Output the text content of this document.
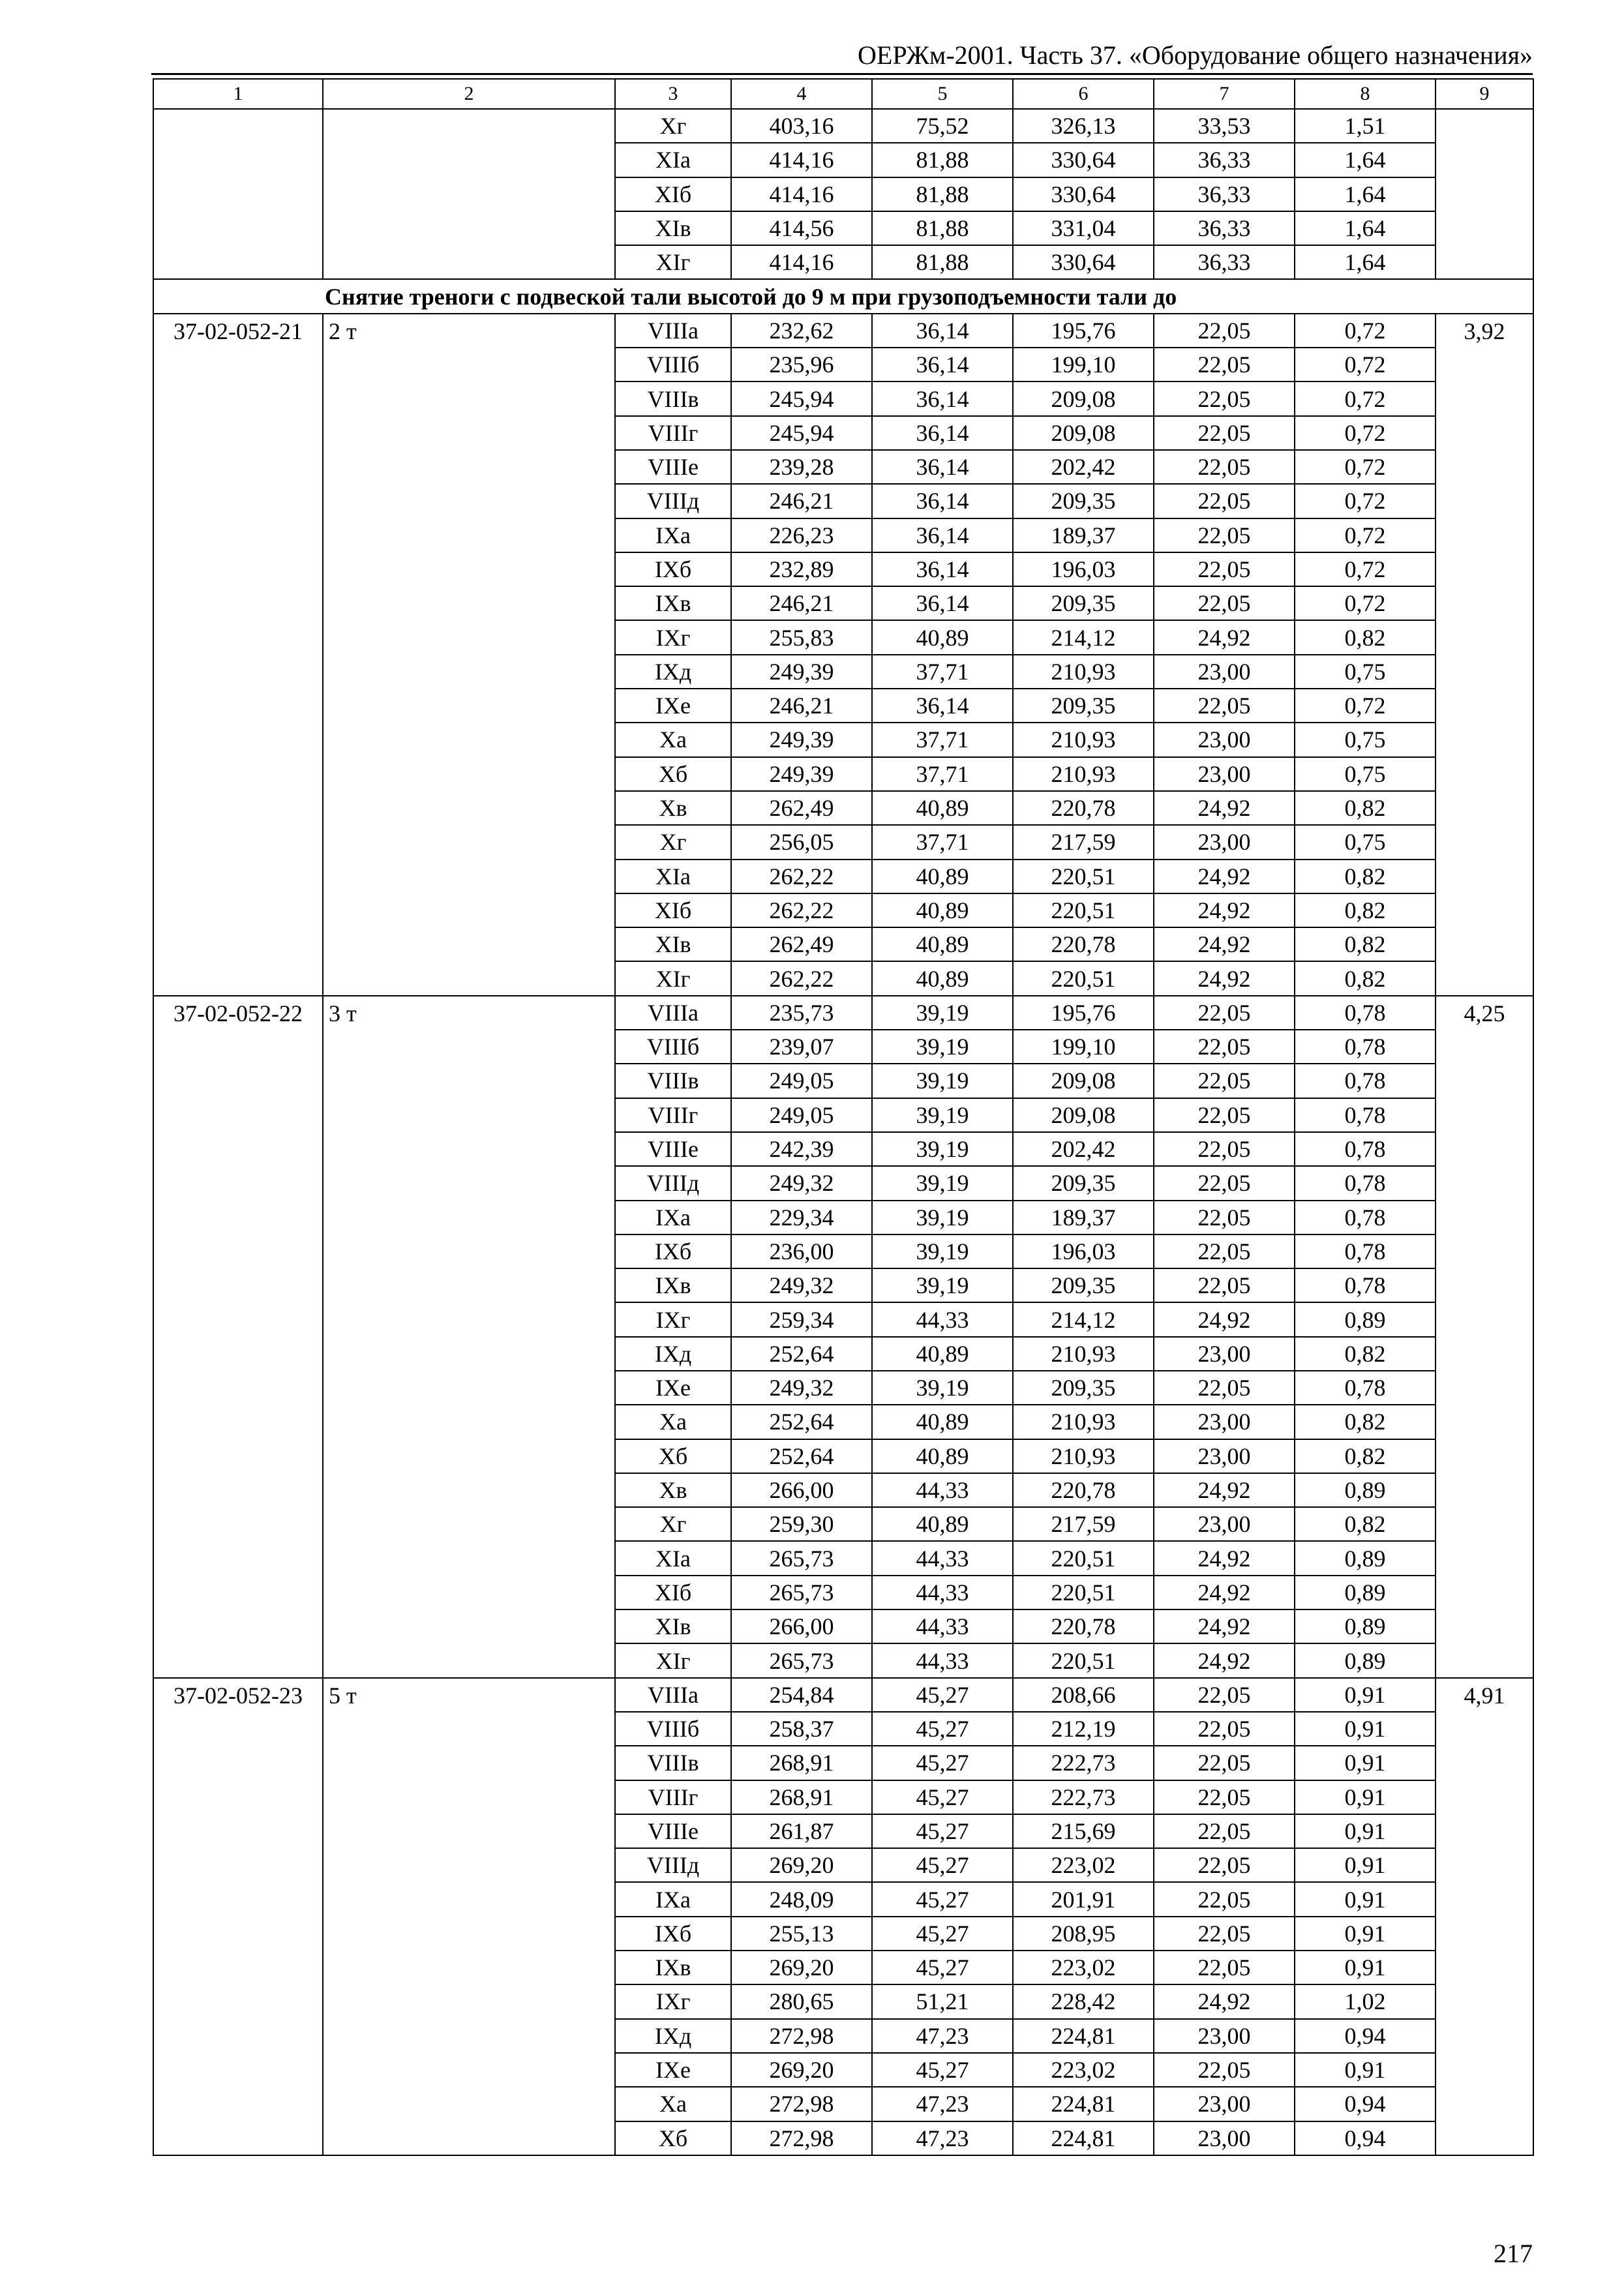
ОЕРЖм-2001. Часть 37. «Оборудование общего назначения»
1	2	3	4	5	6	7	8	9
		Xг	403,16	75,52	326,13	33,53	1,51	
		XIа	414,16	81,88	330,64	36,33	1,64	
		XIб	414,16	81,88	330,64	36,33	1,64	
		XIв	414,56	81,88	331,04	36,33	1,64	
		XIг	414,16	81,88	330,64	36,33	1,64	
Снятие треноги с подвеской тали высотой до 9 м при грузоподъемности тали до								
37-02-052-21	2 т	VIIIа	232,62	36,14	195,76	22,05	0,72	3,92
		VIIIб	235,96	36,14	199,10	22,05	0,72	
		VIIIв	245,94	36,14	209,08	22,05	0,72	
		VIIIг	245,94	36,14	209,08	22,05	0,72	
		VIIIе	239,28	36,14	202,42	22,05	0,72	
		VIIIд	246,21	36,14	209,35	22,05	0,72	
		IXа	226,23	36,14	189,37	22,05	0,72	
		IXб	232,89	36,14	196,03	22,05	0,72	
		IXв	246,21	36,14	209,35	22,05	0,72	
		IXг	255,83	40,89	214,12	24,92	0,82	
		IXд	249,39	37,71	210,93	23,00	0,75	
		IXе	246,21	36,14	209,35	22,05	0,72	
		Xа	249,39	37,71	210,93	23,00	0,75	
		Xб	249,39	37,71	210,93	23,00	0,75	
		Xв	262,49	40,89	220,78	24,92	0,82	
		Xг	256,05	37,71	217,59	23,00	0,75	
		XIа	262,22	40,89	220,51	24,92	0,82	
		XIб	262,22	40,89	220,51	24,92	0,82	
		XIв	262,49	40,89	220,78	24,92	0,82	
		XIг	262,22	40,89	220,51	24,92	0,82	
37-02-052-22	3 т	VIIIа	235,73	39,19	195,76	22,05	0,78	4,25
		VIIIб	239,07	39,19	199,10	22,05	0,78	
		VIIIв	249,05	39,19	209,08	22,05	0,78	
		VIIIг	249,05	39,19	209,08	22,05	0,78	
		VIIIе	242,39	39,19	202,42	22,05	0,78	
		VIIIд	249,32	39,19	209,35	22,05	0,78	
		IXа	229,34	39,19	189,37	22,05	0,78	
		IXб	236,00	39,19	196,03	22,05	0,78	
		IXв	249,32	39,19	209,35	22,05	0,78	
		IXг	259,34	44,33	214,12	24,92	0,89	
		IXд	252,64	40,89	210,93	23,00	0,82	
		IXе	249,32	39,19	209,35	22,05	0,78	
		Xа	252,64	40,89	210,93	23,00	0,82	
		Xб	252,64	40,89	210,93	23,00	0,82	
		Xв	266,00	44,33	220,78	24,92	0,89	
		Xг	259,30	40,89	217,59	23,00	0,82	
		XIа	265,73	44,33	220,51	24,92	0,89	
		XIб	265,73	44,33	220,51	24,92	0,89	
		XIв	266,00	44,33	220,78	24,92	0,89	
		XIг	265,73	44,33	220,51	24,92	0,89	
37-02-052-23	5 т	VIIIа	254,84	45,27	208,66	22,05	0,91	4,91
		VIIIб	258,37	45,27	212,19	22,05	0,91	
		VIIIв	268,91	45,27	222,73	22,05	0,91	
		VIIIг	268,91	45,27	222,73	22,05	0,91	
		VIIIе	261,87	45,27	215,69	22,05	0,91	
		VIIIд	269,20	45,27	223,02	22,05	0,91	
		IXа	248,09	45,27	201,91	22,05	0,91	
		IXб	255,13	45,27	208,95	22,05	0,91	
		IXв	269,20	45,27	223,02	22,05	0,91	
		IXг	280,65	51,21	228,42	24,92	1,02	
		IXд	272,98	47,23	224,81	23,00	0,94	
		IXе	269,20	45,27	223,02	22,05	0,91	
		Xа	272,98	47,23	224,81	23,00	0,94	
		Xб	272,98	47,23	224,81	23,00	0,94	
217
